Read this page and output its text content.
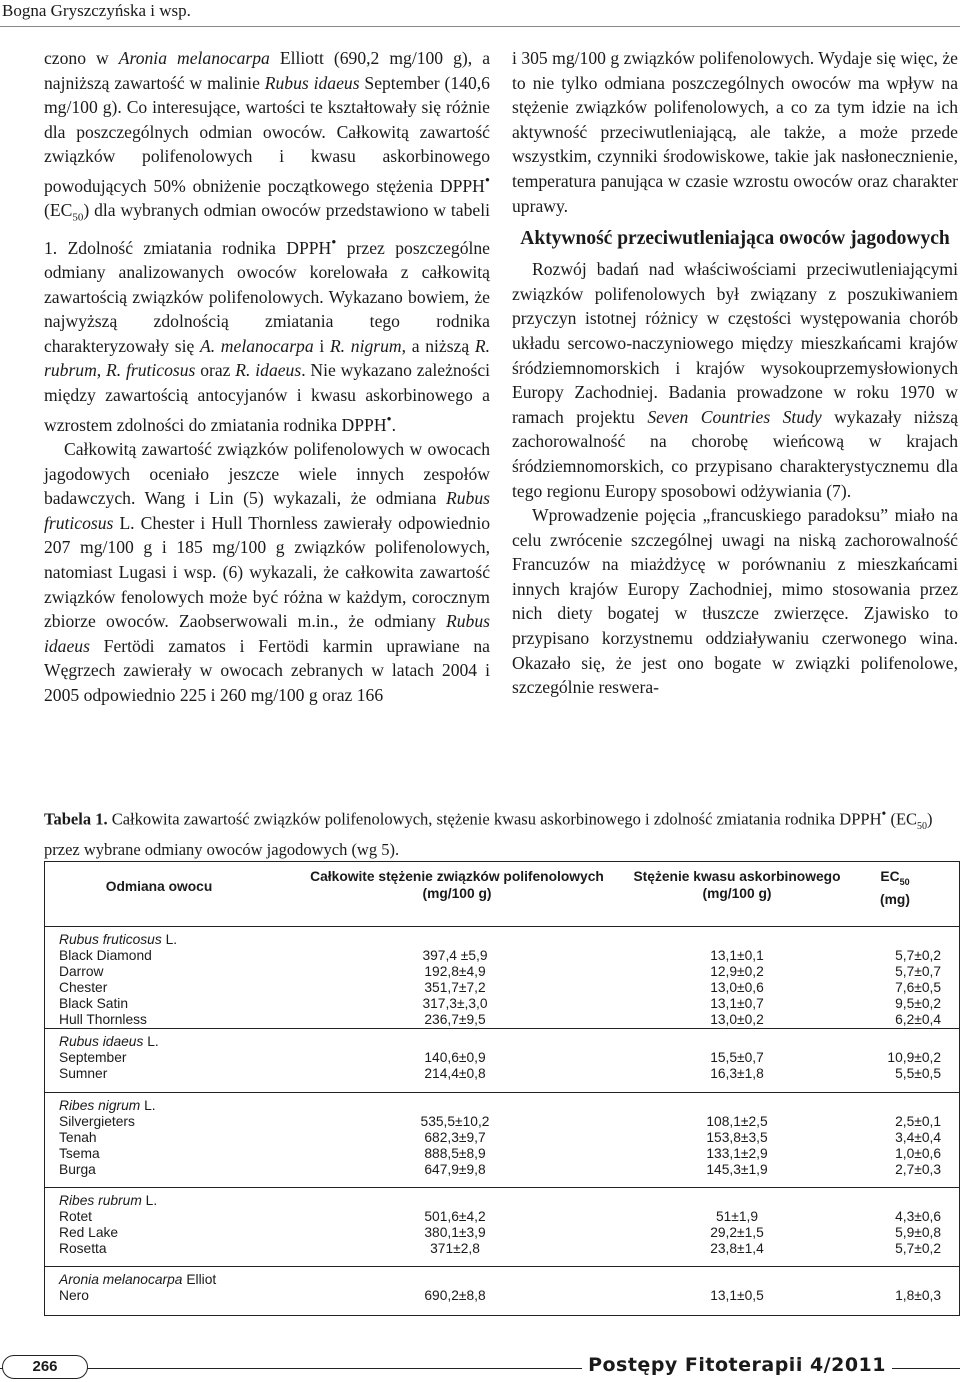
Bogna Gryszczyńska i wsp.

czono w Aronia melanocarpa Elliott (690,2 mg/100 g), a najniższą zawartość w malinie Rubus idaeus September (140,6 mg/100 g). Co interesujące, wartości te kształtowały się różnie dla poszczególnych odmian owoców. Całkowitą zawartość związków polifenolowych i kwasu askorbinowego powodujących 50% obniżenie początkowego stężenia DPPH• $(EC_{50})$ dla wybranych odmian owoców przedstawiono w tabeli 1. Zdolność zmiatania rodnika DPPH• przez poszczególne odmiany analizowanych owoców korelowała z całkowitą zawartością związków polifenolowych. Wykazano bowiem, że najwyższą zdolnością zmiatania tego rodnika charakteryzowały się A. melanocarpa i R. nigrum, a niższą R. rubrum, R. fruticosus oraz R. idaeus. Nie wykazano zależności między zawartością antocyjanów i kwasu askorbinowego a wzrostem zdolności do zmiatania rodnika DPPH•.

Całkowitą zawartość związków polifenolowych w owocach jagodowych oceniało jeszcze wiele innych zespołów badawczych. Wang i Lin (5) wykazali, że odmiana Rubus fruticosus L. Chester i Hull Thornless zawierały odpowiednio 207 mg/100 g i 185 mg/100 g związków polifenolowych, natomiast Lugasi i wsp. (6) wykazali, że całkowita zawartość związków fenolowych może być różna w każdym, corocznym zbiorze owoców. Zaobserwowali m.in., że odmiany Rubus idaeus Fertödi zamatos i Fertödi karmin uprawiane na Węgrzech zawierały w owocach zebranych w latach 2004 i 2005 odpowiednio 225 i 260 mg/100 g oraz 166

i 305 mg/100 g związków polifenolowych. Wydaje się więc, że to nie tylko odmiana poszczególnych owoców ma wpływ na stężenie związków polifenolowych, a co za tym idzie na ich aktywność przeciwutleniającą, ale także, a może przede wszystkim, czynniki środowiskowe, takie jak nasłonecznienie, temperatura panująca w czasie wzrostu owoców oraz charakter uprawy.

Aktywność przeciwutleniająca owoców jagodowych

Rozwój badań nad właściwościami przeciwutleniającymi związków polifenolowych był związany z poszukiwaniem przyczyn istotnej różnicy w częstości występowania chorób układu sercowo-naczyniowego między mieszkańcami krajów śródziemnomorskich i krajów wysokouprzemysłowionych Europy Zachodniej. Badania prowadzone w roku 1970 w ramach projektu Seven Countries Study wykazały niższą zachorowalność na chorobę wieńcową w krajach śródziemnomorskich, co przypisano charakterystycznemu dla tego regionu Europy sposobowi odżywiania (7).

Wprowadzenie pojęcia „francuskiego paradoksu” miało na celu zwrócenie szczególnej uwagi na niską zachorowalność Francuzów na miażdżycę w porównaniu z mieszkańcami innych krajów Europy Zachodniej, mimo stosowania przez nich diety bogatej w tłuszcze zwierzęce. Zjawisko to przypisano korzystnemu oddziaływaniu czerwonego wina. Okazało się, że jest ono bogate w związki polifenolowe, szczególnie reswera-

Tabela 1. Całkowita zawartość związków polifenolowych, stężenie kwasu askorbinowego i zdolność zmiatania rodnika DPPH• $(EC_{50})$ przez wybrane odmiany owoców jagodowych (wg 5).
Odmiana owocu
Całkowite stężenie związków polifenolowych
(mg/100 g)
Stężenie kwasu askorbinowego
(mg/100 g)
$EC_{50}$
(mg)
Rubus fruticosus L.
Black Diamond	397,4 ±5,9	13,1±0,1	5,7±0,2
Darrow	192,8±4,9	12,9±0,2	5,7±0,7
Chester	351,7±7,2	13,0±0,6	7,6±0,5
Black Satin	317,3±,3,0	13,1±0,7	9,5±0,2
Hull Thornless	236,7±9,5	13,0±0,2	6,2±0,4
Rubus idaeus L.
September	140,6±0,9	15,5±0,7	10,9±0,2
Sumner	214,4±0,8	16,3±1,8	5,5±0,5
Ribes nigrum L.
Silvergieters	535,5±10,2	108,1±2,5	2,5±0,1
Tenah	682,3±9,7	153,8±3,5	3,4±0,4
Tsema	888,5±8,9	133,1±2,9	1,0±0,6
Burga	647,9±9,8	145,3±1,9	2,7±0,3
Ribes rubrum L.
Rotet	501,6±4,2	51±1,9	4,3±0,6
Red Lake	380,1±3,9	29,2±1,5	5,9±0,8
Rosetta	371±2,8	23,8±1,4	5,7±0,2
Aronia melanocarpa Elliot
Nero	690,2±8,8	13,1±0,5	1,8±0,3
266	Postępy Fitoterapii 4/2011
